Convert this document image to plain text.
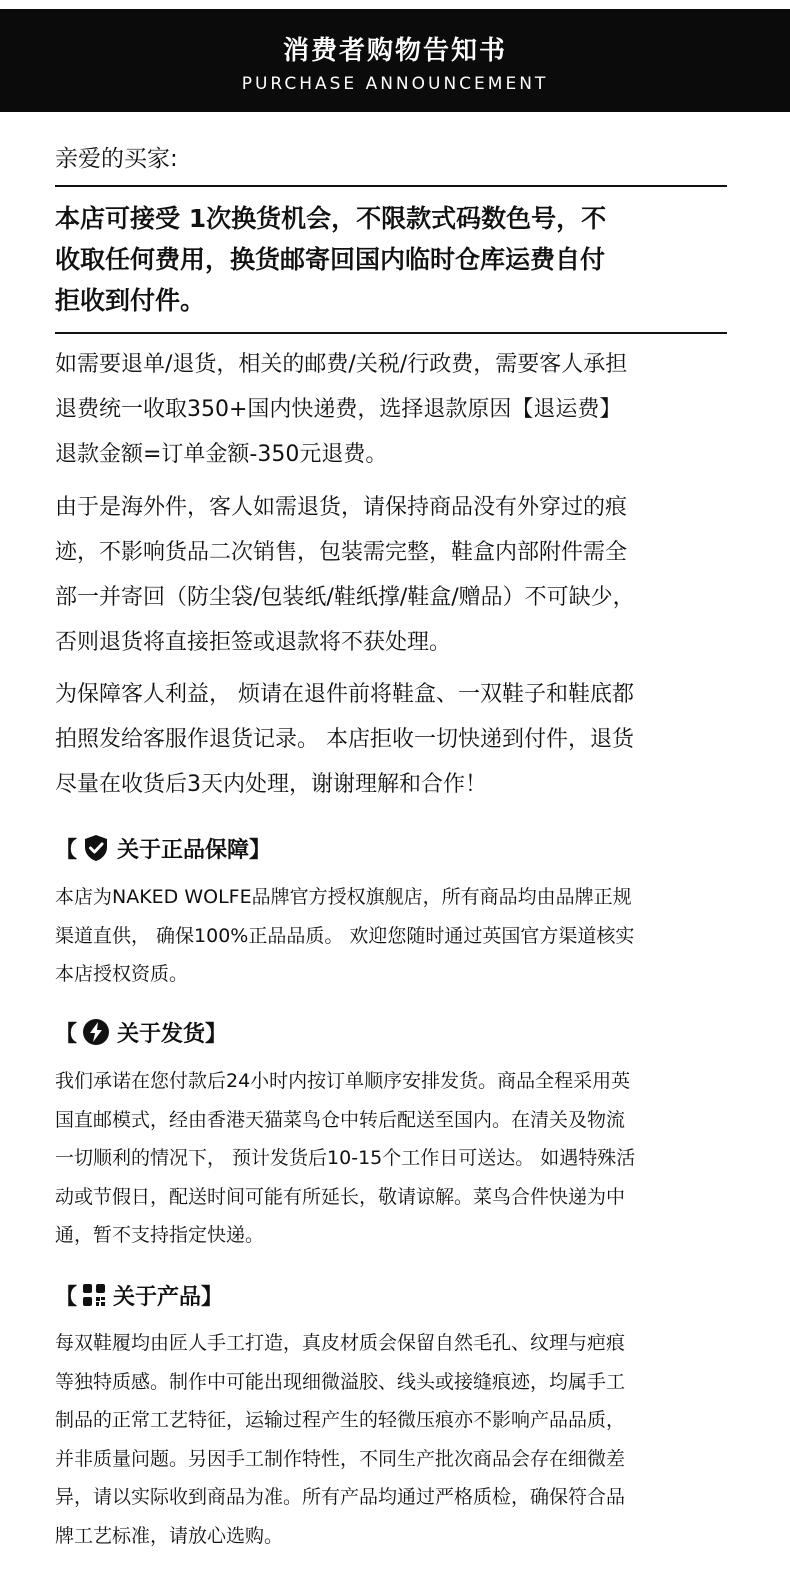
消费者购物告知书
PURCHASE ANNOUNCEMENT
亲爱的买家:
本店可接受 1次换货机会，不限款式码数色号，不
收取任何费用，换货邮寄回国内临时仓库运费自付
拒收到付件。
如需要退单/退货，相关的邮费/关税/行政费，需要客人承担
退费统一收取350+国内快递费，选择退款原因【退运费】
退款金额=订单金额-350元退费。
由于是海外件，客人如需退货，请保持商品没有外穿过的痕
迹，不影响货品二次销售，包装需完整，鞋盒内部附件需全
部一并寄回（防尘袋/包装纸/鞋纸撑/鞋盒/赠品）不可缺少，
否则退货将直接拒签或退款将不获处理。
为保障客人利益， 烦请在退件前将鞋盒、一双鞋子和鞋底都
拍照发给客服作退货记录。 本店拒收一切快递到付件，退货
尽量在收货后3天内处理，谢谢理解和合作！
【 关于正品保障 】
本店为NAKED WOLFE品牌官方授权旗舰店，所有商品均由品牌正规
渠道直供， 确保100%正品品质。 欢迎您随时通过英国官方渠道核实
本店授权资质。
【 关于发货 】
我们承诺在您付款后24小时内按订单顺序安排发货。商品全程采用英
国直邮模式，经由香港天猫菜鸟仓中转后配送至国内。在清关及物流
一切顺利的情况下， 预计发货后10-15个工作日可送达。 如遇特殊活
动或节假日，配送时间可能有所延长，敬请谅解。菜鸟合件快递为中
通，暂不支持指定快递。
【 关于产品 】
每双鞋履均由匠人手工打造，真皮材质会保留自然毛孔、纹理与疤痕
等独特质感。制作中可能出现细微溢胶、线头或接缝痕迹，均属手工
制品的正常工艺特征，运输过程产生的轻微压痕亦不影响产品品质，
并非质量问题。另因手工制作特性，不同生产批次商品会存在细微差
异，请以实际收到商品为准。所有产品均通过严格质检，确保符合品
牌工艺标准，请放心选购。
